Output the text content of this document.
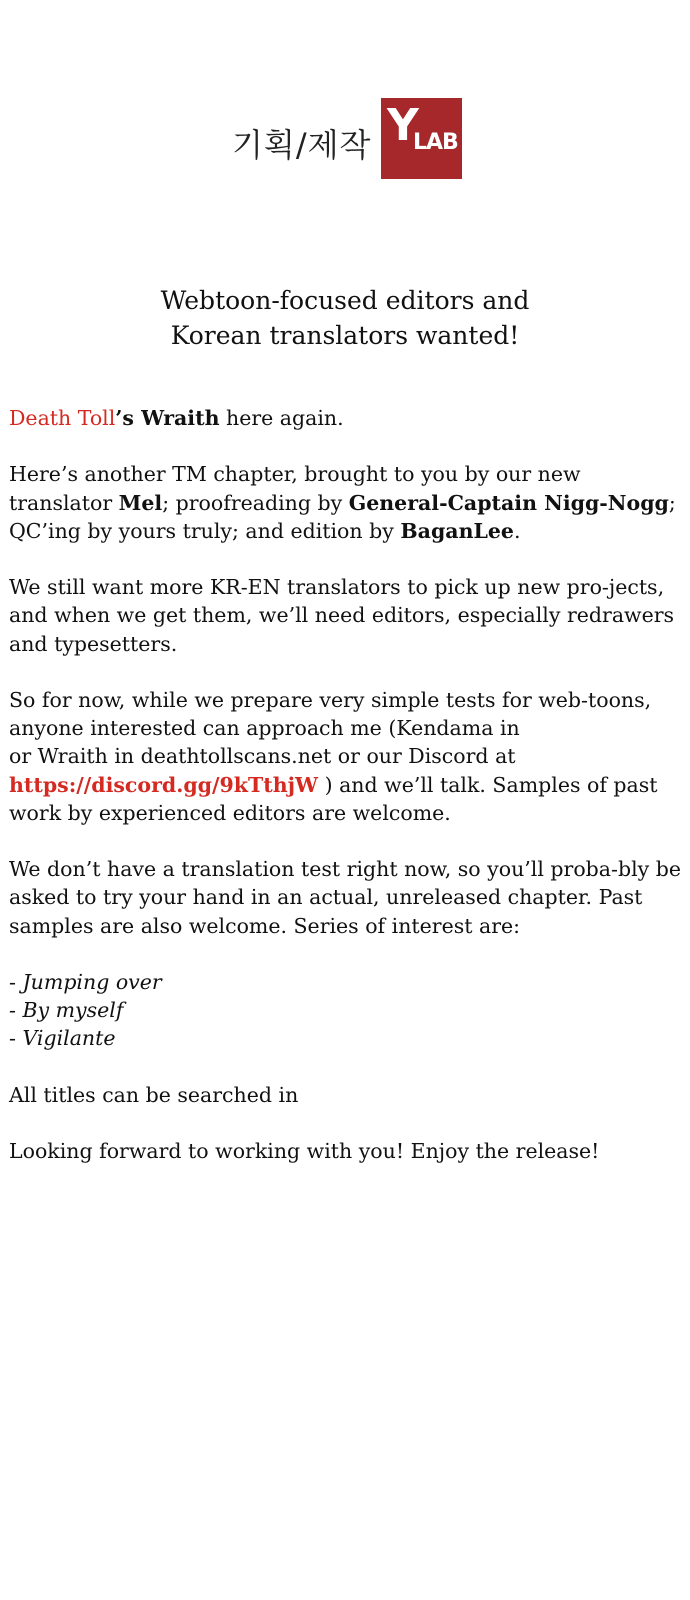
기획/제작 Y
LAB
Webtoon-focused editors and
Korean translators wanted!

Death Toll’s Wraith here again.

Here’s another TM chapter, brought to you by our new translator Mel; proofreading by General-Captain Nigg-Nogg; QC’ing by yours truly; and edition by BaganLee.

We still want more KR-EN translators to pick up new pro-jects, and when we get them, we’ll need editors, especially redrawers and typesetters.

So for now, while we prepare very simple tests for web-toons, anyone interested can approach me (Kendama in  or Wraith in deathtollscans.net or our Discord at https://discord.gg/9kTthjW ) and we’ll talk. Samples of past work by experienced editors are welcome.

We don’t have a translation test right now, so you’ll proba-bly be asked to try your hand in an actual, unreleased chapter. Past samples are also welcome. Series of interest are:

- Jumping over
- By myself
- Vigilante

All titles can be searched in

Looking forward to working with you! Enjoy the release!
